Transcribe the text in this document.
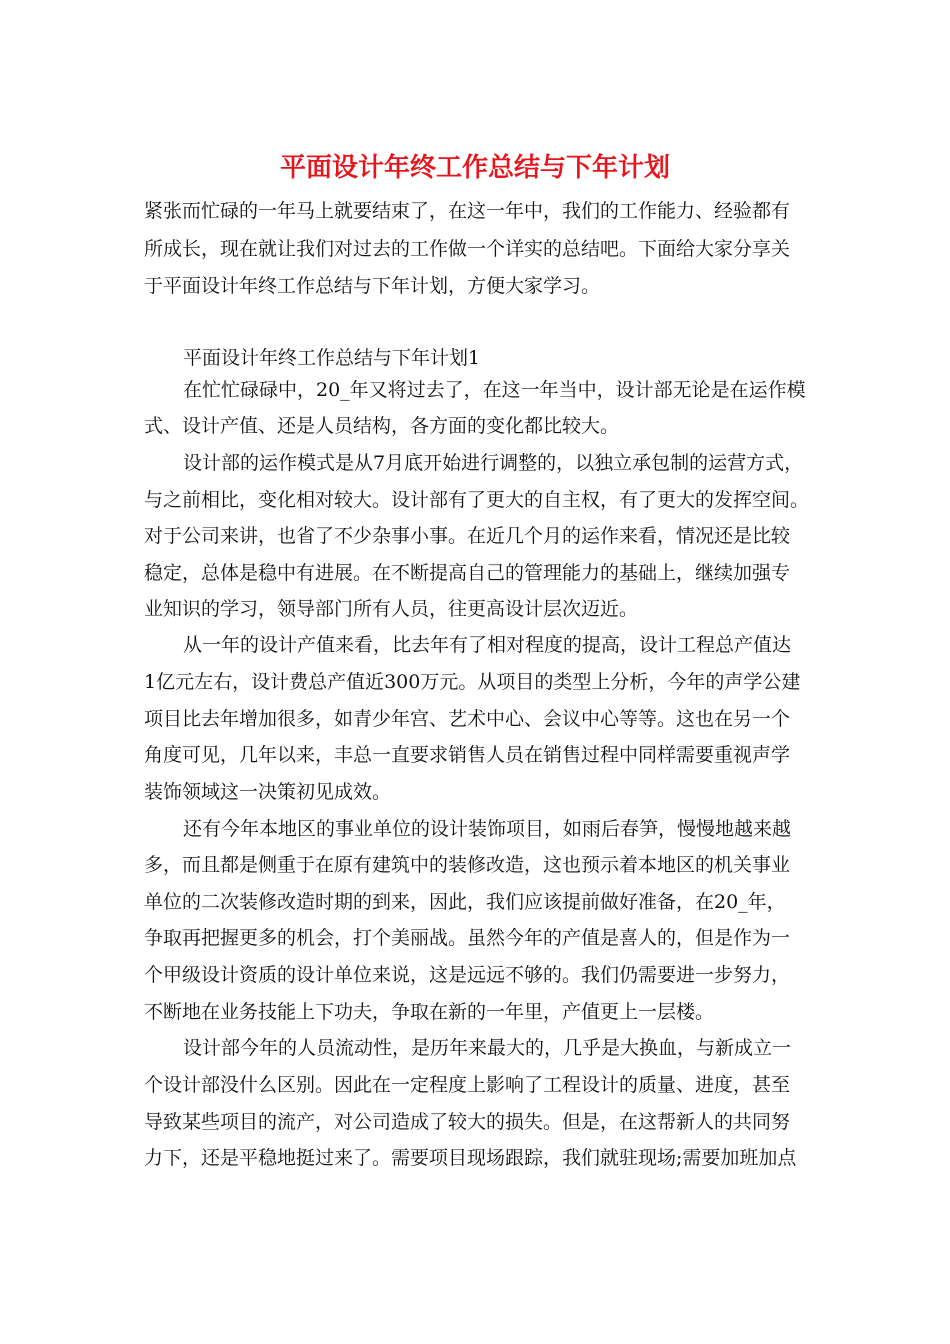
平面设计年终工作总结与下年计划
紧张而忙碌的一年马上就要结束了，在这一年中，我们的工作能力、经验都有
所成长，现在就让我们对过去的工作做一个详实的总结吧。下面给大家分享关
于平面设计年终工作总结与下年计划，方便大家学习。
平面设计年终工作总结与下年计划1
在忙忙碌碌中，20_年又将过去了，在这一年当中，设计部无论是在运作模
式、设计产值、还是人员结构，各方面的变化都比较大。
设计部的运作模式是从7月底开始进行调整的，以独立承包制的运营方式，
与之前相比，变化相对较大。设计部有了更大的自主权，有了更大的发挥空间。
对于公司来讲，也省了不少杂事小事。在近几个月的运作来看，情况还是比较
稳定，总体是稳中有进展。在不断提高自己的管理能力的基础上，继续加强专
业知识的学习，领导部门所有人员，往更高设计层次迈近。
从一年的设计产值来看，比去年有了相对程度的提高，设计工程总产值达
1亿元左右，设计费总产值近300万元。从项目的类型上分析，今年的声学公建
项目比去年增加很多，如青少年宫、艺术中心、会议中心等等。这也在另一个
角度可见，几年以来，丰总一直要求销售人员在销售过程中同样需要重视声学
装饰领域这一决策初见成效。
还有今年本地区的事业单位的设计装饰项目，如雨后春笋，慢慢地越来越
多，而且都是侧重于在原有建筑中的装修改造，这也预示着本地区的机关事业
单位的二次装修改造时期的到来，因此，我们应该提前做好准备，在20_年，
争取再把握更多的机会，打个美丽战。虽然今年的产值是喜人的，但是作为一
个甲级设计资质的设计单位来说，这是远远不够的。我们仍需要进一步努力，
不断地在业务技能上下功夫，争取在新的一年里，产值更上一层楼。
设计部今年的人员流动性，是历年来最大的，几乎是大换血，与新成立一
个设计部没什么区别。因此在一定程度上影响了工程设计的质量、进度，甚至
导致某些项目的流产，对公司造成了较大的损失。但是，在这帮新人的共同努
力下，还是平稳地挺过来了。需要项目现场跟踪，我们就驻现场;需要加班加点
